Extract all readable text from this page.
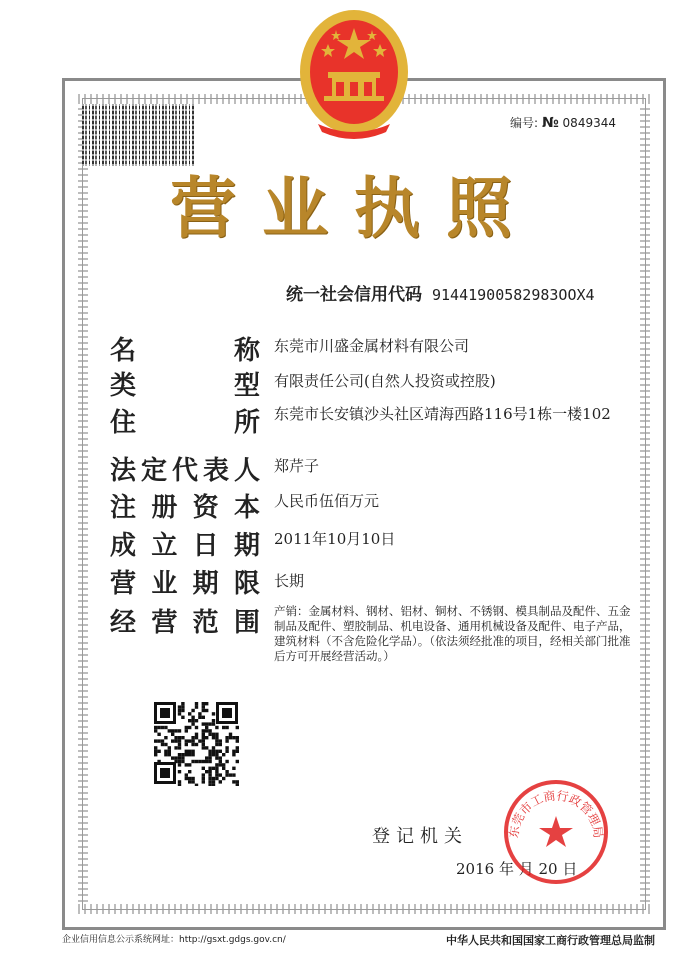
编号: № 0849344
营业执照
统一社会信用代码 91441900582983OOX4
名	称 东莞市川盛金属材料有限公司
类	型 有限责任公司(自然人投资或控股)
住	所 东莞市长安镇沙头社区靖海西路116号1栋一楼102
法 定 代 表 人 郑芹子
注 册 资 本 人民币伍佰万元
成 立 日 期 2011年10月10日
营 业 期 限 长期
经 营 范 围 产销：金属材料、钢材、铝材、铜材、不锈钢、模具制品及配件、五金制品及配件、塑胶制品、机电设备、通用机械设备及配件、电子产品，建筑材料（不含危险化学品）。（依法须经批准的项目，经相关部门批准后方可开展经营活动。）
登记机关
2016 年 月 20 日
东莞市工商行政管理局
企业信用信息公示系统网址：http://gsxt.gdgs.gov.cn/	中华人民共和国国家工商行政管理总局监制
